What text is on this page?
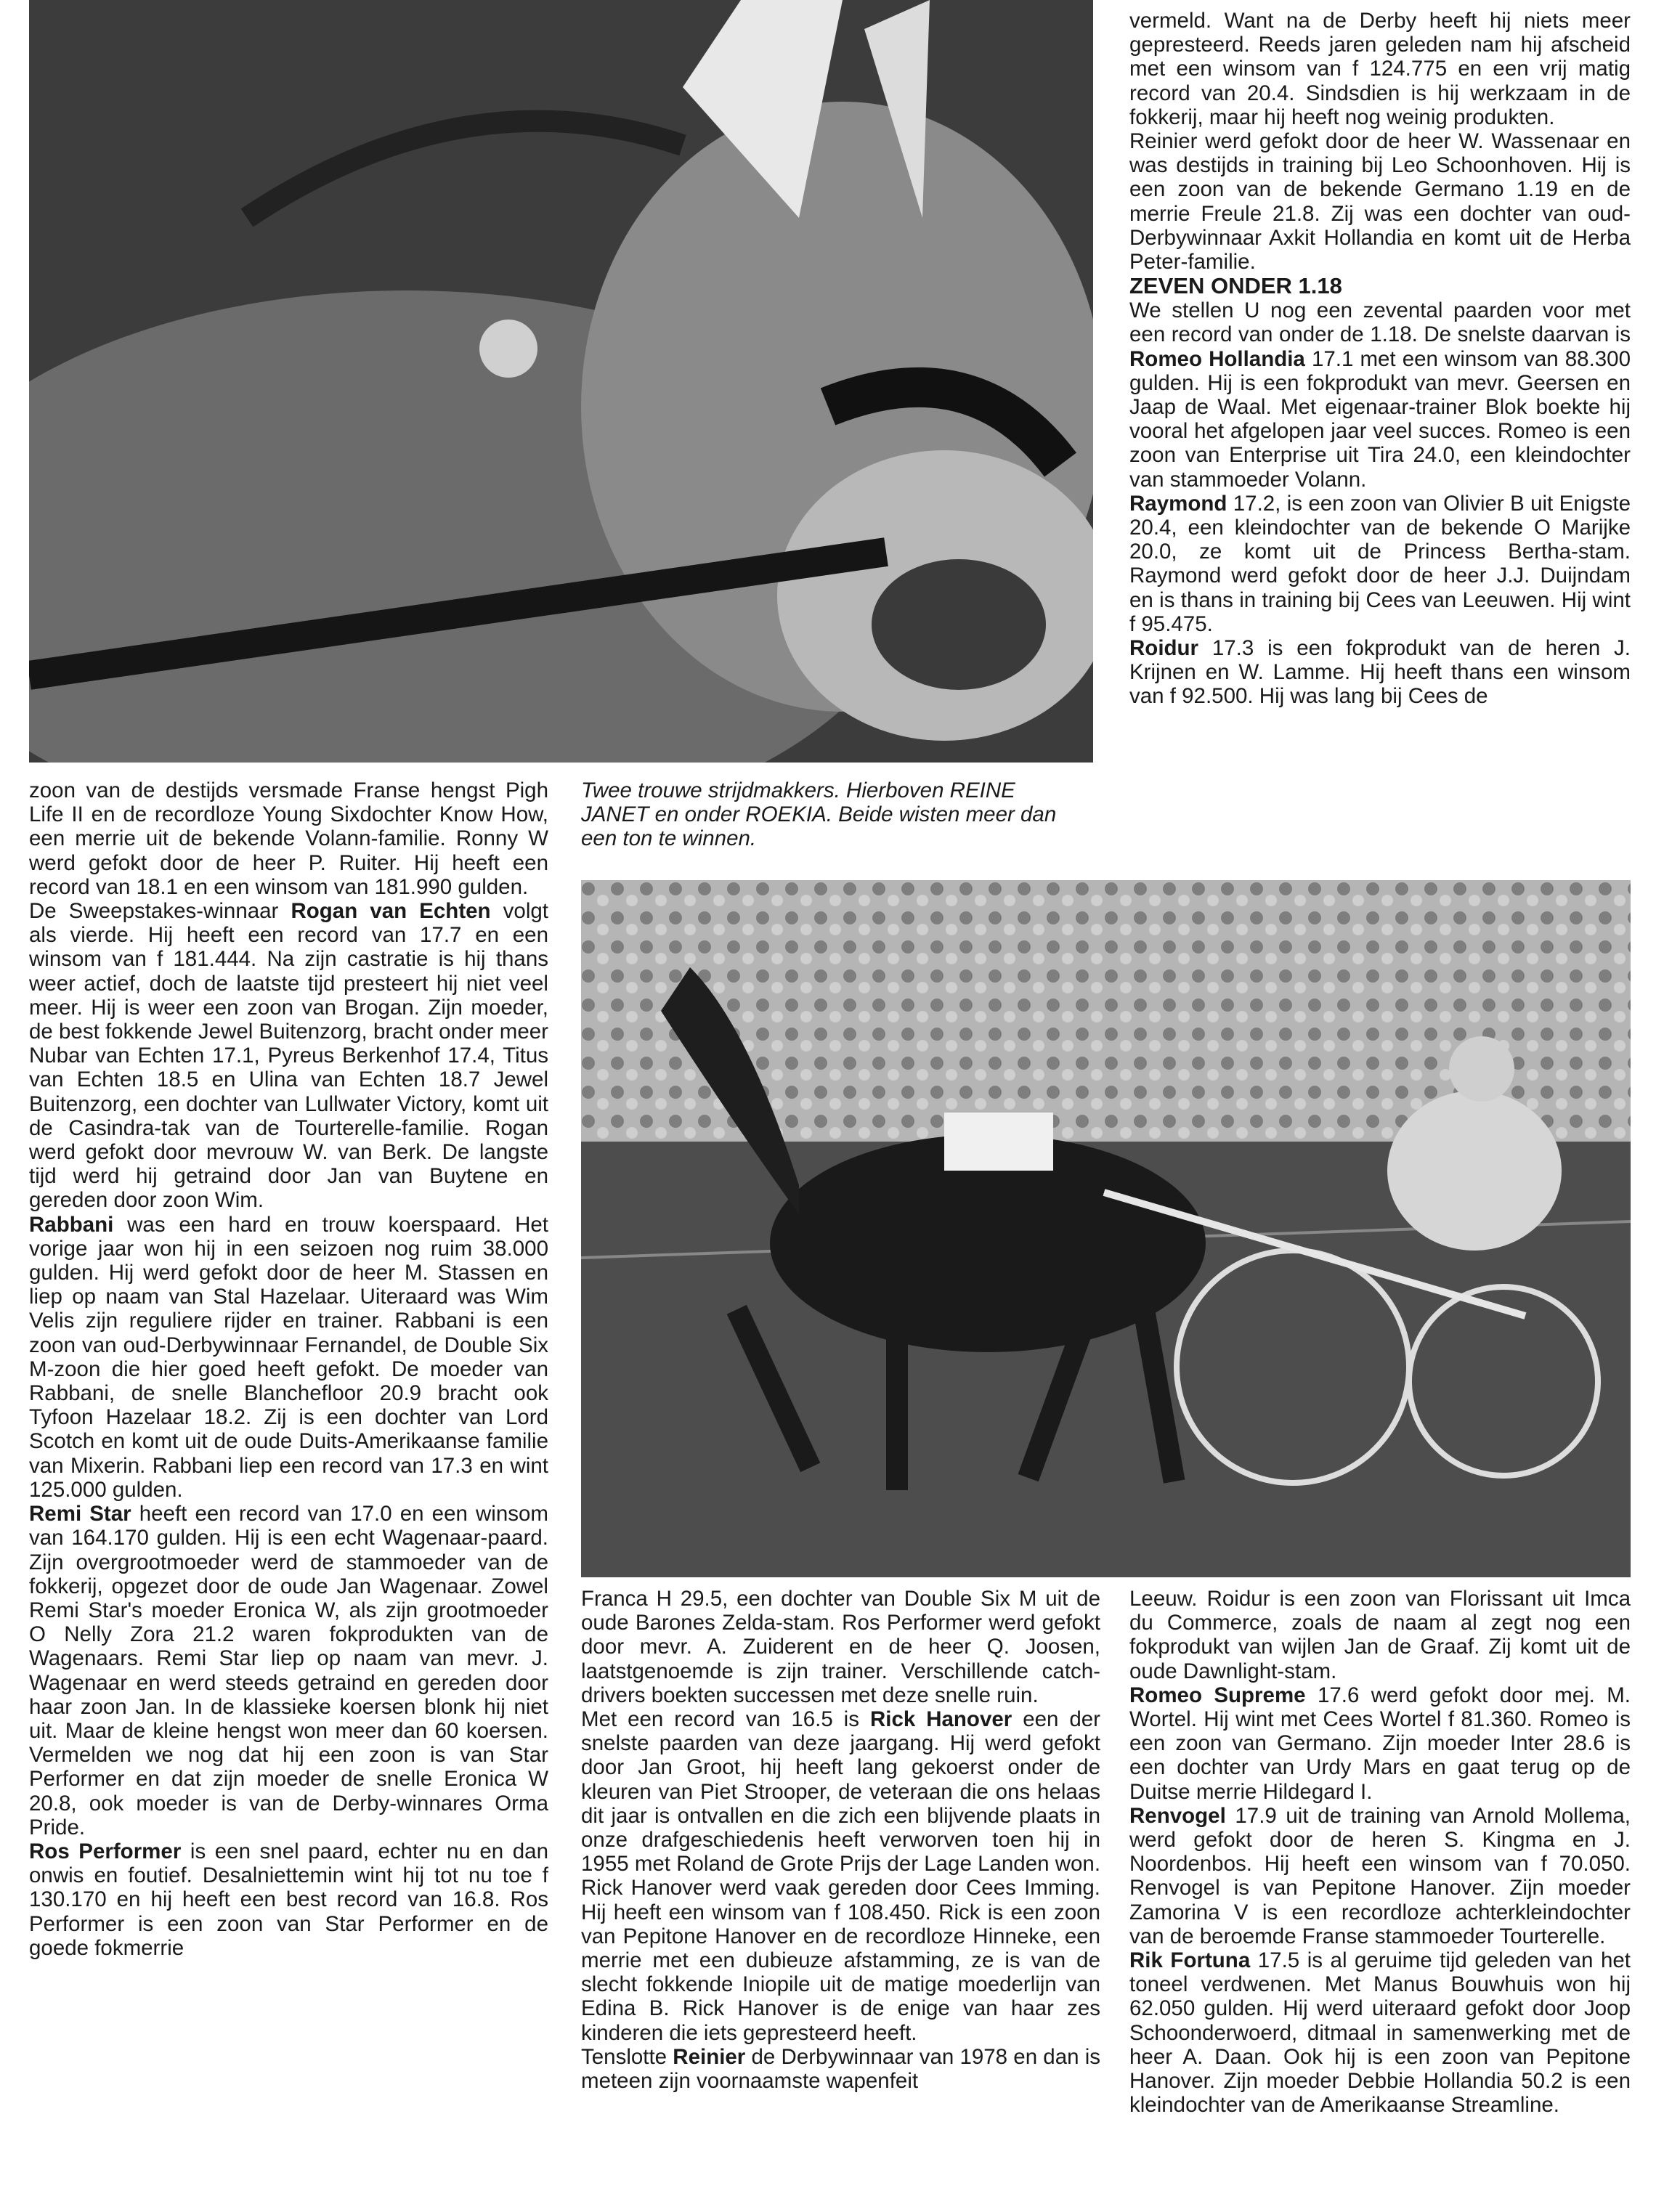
vermeld. Want na de Derby heeft hij niets meer gepresteerd. Reeds jaren geleden nam hij afscheid met een winsom van f 124.775 en een vrij matig record van 20.4. Sindsdien is hij werkzaam in de fokkerij, maar hij heeft nog weinig produkten.

Reinier werd gefokt door de heer W. Wassenaar en was destijds in training bij Leo Schoonhoven. Hij is een zoon van de bekende Germano 1.19 en de merrie Freule 21.8. Zij was een dochter van oud-Derbywinnaar Axkit Hollandia en komt uit de Herba Peter-familie.

ZEVEN ONDER 1.18

We stellen U nog een zevental paarden voor met een record van onder de 1.18. De snelste daarvan is Romeo Hollandia 17.1 met een winsom van 88.300 gulden. Hij is een fokprodukt van mevr. Geersen en Jaap de Waal. Met eigenaar-trainer Blok boekte hij vooral het afgelopen jaar veel succes. Romeo is een zoon van Enterprise uit Tira 24.0, een kleindochter van stammoeder Volann.

Raymond 17.2, is een zoon van Olivier B uit Enigste 20.4, een kleindochter van de bekende O Marijke 20.0, ze komt uit de Princess Bertha-stam. Raymond werd gefokt door de heer J.J. Duijndam en is thans in training bij Cees van Leeuwen. Hij wint f 95.475.

Roidur 17.3 is een fokprodukt van de heren J. Krijnen en W. Lamme. Hij heeft thans een winsom van f 92.500. Hij was lang bij Cees de

zoon van de destijds versmade Franse hengst Pigh Life II en de recordloze Young Sixdochter Know How, een merrie uit de bekende Volann-familie. Ronny W werd gefokt door de heer P. Ruiter. Hij heeft een record van 18.1 en een winsom van 181.990 gulden.

De Sweepstakes-winnaar Rogan van Echten volgt als vierde. Hij heeft een record van 17.7 en een winsom van f 181.444. Na zijn castratie is hij thans weer actief, doch de laatste tijd presteert hij niet veel meer. Hij is weer een zoon van Brogan. Zijn moeder, de best fokkende Jewel Buitenzorg, bracht onder meer Nubar van Echten 17.1, Pyreus Berkenhof 17.4, Titus van Echten 18.5 en Ulina van Echten 18.7 Jewel Buitenzorg, een dochter van Lullwater Victory, komt uit de Casindra-tak van de Tourterelle-familie. Rogan werd gefokt door mevrouw W. van Berk. De langste tijd werd hij getraind door Jan van Buytene en gereden door zoon Wim.

Rabbani was een hard en trouw koerspaard. Het vorige jaar won hij in een seizoen nog ruim 38.000 gulden. Hij werd gefokt door de heer M. Stassen en liep op naam van Stal Hazelaar. Uiteraard was Wim Velis zijn reguliere rijder en trainer. Rabbani is een zoon van oud-Derbywinnaar Fernandel, de Double Six M-zoon die hier goed heeft gefokt. De moeder van Rabbani, de snelle Blanchefloor 20.9 bracht ook Tyfoon Hazelaar 18.2. Zij is een dochter van Lord Scotch en komt uit de oude Duits-Amerikaanse familie van Mixerin. Rabbani liep een record van 17.3 en wint 125.000 gulden.

Remi Star heeft een record van 17.0 en een winsom van 164.170 gulden. Hij is een echt Wagenaar-paard. Zijn overgrootmoeder werd de stammoeder van de fokkerij, opgezet door de oude Jan Wagenaar. Zowel Remi Star's moeder Eronica W, als zijn grootmoeder O Nelly Zora 21.2 waren fokprodukten van de Wagenaars. Remi Star liep op naam van mevr. J. Wagenaar en werd steeds getraind en gereden door haar zoon Jan. In de klassieke koersen blonk hij niet uit. Maar de kleine hengst won meer dan 60 koersen. Vermelden we nog dat hij een zoon is van Star Performer en dat zijn moeder de snelle Eronica W 20.8, ook moeder is van de Derby-winnares Orma Pride.

Ros Performer is een snel paard, echter nu en dan onwis en foutief. Desalniettemin wint hij tot nu toe f 130.170 en hij heeft een best record van 16.8. Ros Performer is een zoon van Star Performer en de goede fokmerrie

Twee trouwe strijdmakkers. Hierboven REINE JANET en onder ROEKIA. Beide wisten meer dan een ton te winnen.

Franca H 29.5, een dochter van Double Six M uit de oude Barones Zelda-stam. Ros Performer werd gefokt door mevr. A. Zuiderent en de heer Q. Joosen, laatstgenoemde is zijn trainer. Verschillende catch-drivers boekten successen met deze snelle ruin.

Met een record van 16.5 is Rick Hanover een der snelste paarden van deze jaargang. Hij werd gefokt door Jan Groot, hij heeft lang gekoerst onder de kleuren van Piet Strooper, de veteraan die ons helaas dit jaar is ontvallen en die zich een blijvende plaats in onze drafgeschiedenis heeft verworven toen hij in 1955 met Roland de Grote Prijs der Lage Landen won. Rick Hanover werd vaak gereden door Cees Imming. Hij heeft een winsom van f 108.450. Rick is een zoon van Pepitone Hanover en de recordloze Hinneke, een merrie met een dubieuze afstamming, ze is van de slecht fokkende Iniopile uit de matige moederlijn van Edina B. Rick Hanover is de enige van haar zes kinderen die iets gepresteerd heeft.

Tenslotte Reinier de Derbywinnaar van 1978 en dan is meteen zijn voornaamste wapenfeit

Leeuw. Roidur is een zoon van Florissant uit Imca du Commerce, zoals de naam al zegt nog een fokprodukt van wijlen Jan de Graaf. Zij komt uit de oude Dawnlight-stam.

Romeo Supreme 17.6 werd gefokt door mej. M. Wortel. Hij wint met Cees Wortel f 81.360. Romeo is een zoon van Germano. Zijn moeder Inter 28.6 is een dochter van Urdy Mars en gaat terug op de Duitse merrie Hildegard I.

Renvogel 17.9 uit de training van Arnold Mollema, werd gefokt door de heren S. Kingma en J. Noordenbos. Hij heeft een winsom van f 70.050. Renvogel is van Pepitone Hanover. Zijn moeder Zamorina V is een recordloze achterkleindochter van de beroemde Franse stammoeder Tourterelle.

Rik Fortuna 17.5 is al geruime tijd geleden van het toneel verdwenen. Met Manus Bouwhuis won hij 62.050 gulden. Hij werd uiteraard gefokt door Joop Schoonderwoerd, ditmaal in samenwerking met de heer A. Daan. Ook hij is een zoon van Pepitone Hanover. Zijn moeder Debbie Hollandia 50.2 is een kleindochter van de Amerikaanse Streamline.
